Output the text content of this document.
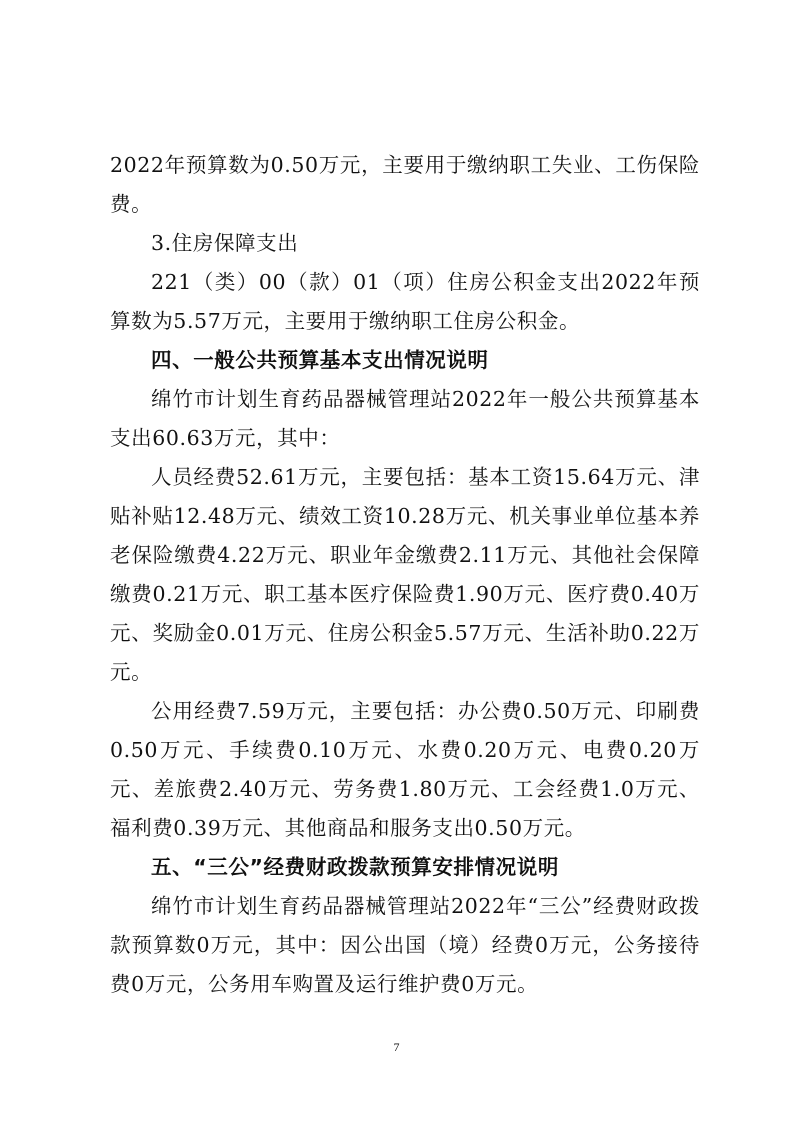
2022年预算数为0.50万元，主要用于缴纳职工失业、工伤保险费。

3.住房保障支出

221（类）00（款）01（项）住房公积金支出2022年预算数为5.57万元，主要用于缴纳职工住房公积金。

四、一般公共预算基本支出情况说明

绵竹市计划生育药品器械管理站2022年一般公共预算基本支出60.63万元，其中：

人员经费52.61万元，主要包括：基本工资15.64万元、津贴补贴12.48万元、绩效工资10.28万元、机关事业单位基本养老保险缴费4.22万元、职业年金缴费2.11万元、其他社会保障缴费0.21万元、职工基本医疗保险费1.90万元、医疗费0.40万元、奖励金0.01万元、住房公积金5.57万元、生活补助0.22万元。

公用经费7.59万元，主要包括：办公费0.50万元、印刷费0.50万元、手续费0.10万元、水费0.20万元、电费0.20万元、差旅费2.40万元、劳务费1.80万元、工会经费1.0万元、福利费0.39万元、其他商品和服务支出0.50万元。

五、“三公”经费财政拨款预算安排情况说明

绵竹市计划生育药品器械管理站2022年“三公”经费财政拨款预算数0万元，其中：因公出国（境）经费0万元，公务接待费0万元，公务用车购置及运行维护费0万元。

7
